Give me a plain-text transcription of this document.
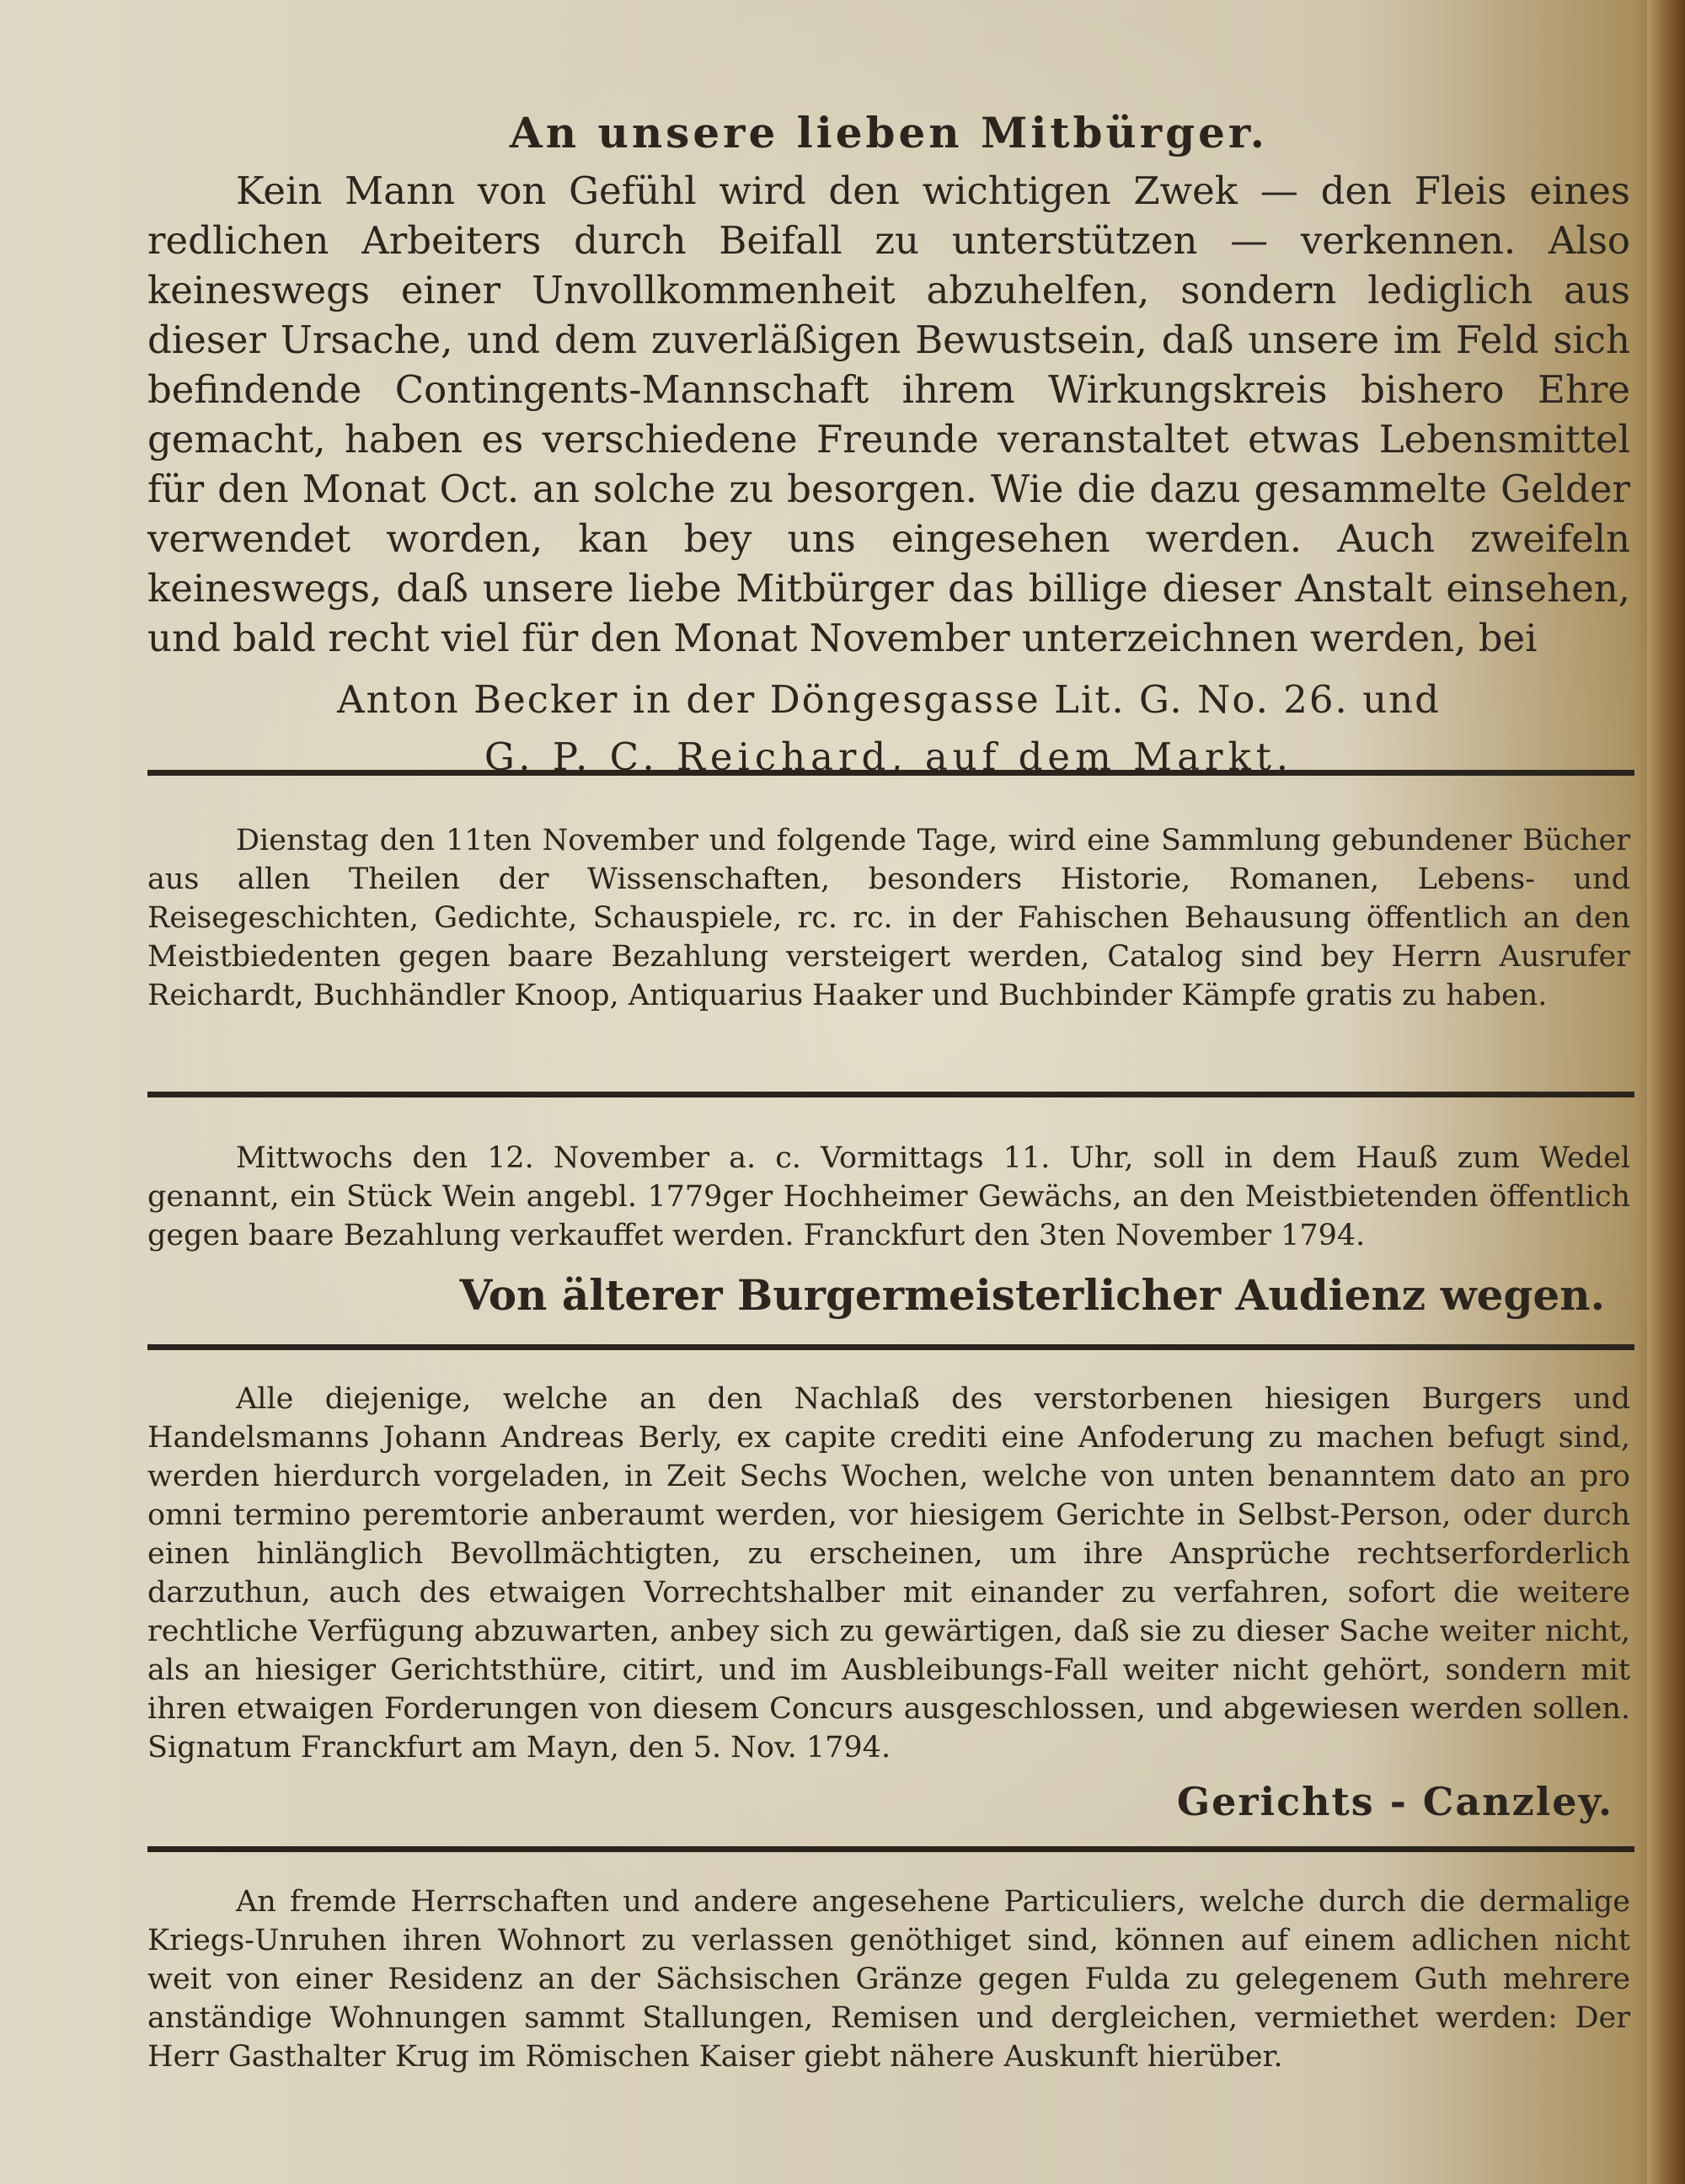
An unsere lieben Mitbürger.

Kein Mann von Gefühl wird den wichtigen Zwek — den Fleis eines redlichen Arbeiters durch Beifall zu unterstützen — verkennen. Also keineswegs einer Unvollkommenheit abzuhelfen, sondern lediglich aus dieser Ursache, und dem zuverläßigen Bewustsein, daß unsere im Feld sich befindende Contingents-Mannschaft ihrem Wirkungskreis bishero Ehre gemacht, haben es verschiedene Freunde veranstaltet etwas Lebensmittel für den Monat Oct. an solche zu besorgen. Wie die dazu gesammelte Gelder verwendet worden, kan bey uns eingesehen werden. Auch zweifeln keineswegs, daß unsere liebe Mitbürger das billige dieser Anstalt einsehen, und bald recht viel für den Monat November unterzeichnen werden, bei

Anton Becker in der Döngesgasse Lit. G. No. 26. und

G. P. C. Reichard, auf dem Markt.

Dienstag den 11ten November und folgende Tage, wird eine Sammlung gebundener Bücher aus allen Theilen der Wissenschaften, besonders Historie, Romanen, Lebens- und Reisegeschichten, Gedichte, Schauspiele, rc. rc. in der Fahischen Behausung öffentlich an den Meistbiedenten gegen baare Bezahlung versteigert werden, Catalog sind bey Herrn Ausrufer Reichardt, Buchhändler Knoop, Antiquarius Haaker und Buchbinder Kämpfe gratis zu haben.

Mittwochs den 12. November a. c. Vormittags 11. Uhr, soll in dem Hauß zum Wedel genannt, ein Stück Wein angebl. 1779ger Hochheimer Gewächs, an den Meistbietenden öffentlich gegen baare Bezahlung verkauffet werden. Franckfurt den 3ten November 1794.

Von älterer Burgermeisterlicher Audienz wegen.

Alle diejenige, welche an den Nachlaß des verstorbenen hiesigen Burgers und Handelsmanns Johann Andreas Berly, ex capite crediti eine Anfoderung zu machen befugt sind, werden hierdurch vorgeladen, in Zeit Sechs Wochen, welche von unten benanntem dato an pro omni termino peremtorie anberaumt werden, vor hiesigem Gerichte in Selbst-Person, oder durch einen hinlänglich Bevollmächtigten, zu erscheinen, um ihre Ansprüche rechtserforderlich darzuthun, auch des etwaigen Vorrechtshalber mit einander zu verfahren, sofort die weitere rechtliche Verfügung abzuwarten, anbey sich zu gewärtigen, daß sie zu dieser Sache weiter nicht, als an hiesiger Gerichtsthüre, citirt, und im Ausbleibungs-Fall weiter nicht gehört, sondern mit ihren etwaigen Forderungen von diesem Concurs ausgeschlossen, und abgewiesen werden sollen. Signatum Franckfurt am Mayn, den 5. Nov. 1794.

Gerichts - Canzley.

An fremde Herrschaften und andere angesehene Particuliers, welche durch die dermalige Kriegs-Unruhen ihren Wohnort zu verlassen genöthiget sind, können auf einem adlichen nicht weit von einer Residenz an der Sächsischen Gränze gegen Fulda zu gelegenem Guth mehrere anständige Wohnungen sammt Stallungen, Remisen und dergleichen, vermiethet werden: Der Herr Gasthalter Krug im Römischen Kaiser giebt nähere Auskunft hierüber.
